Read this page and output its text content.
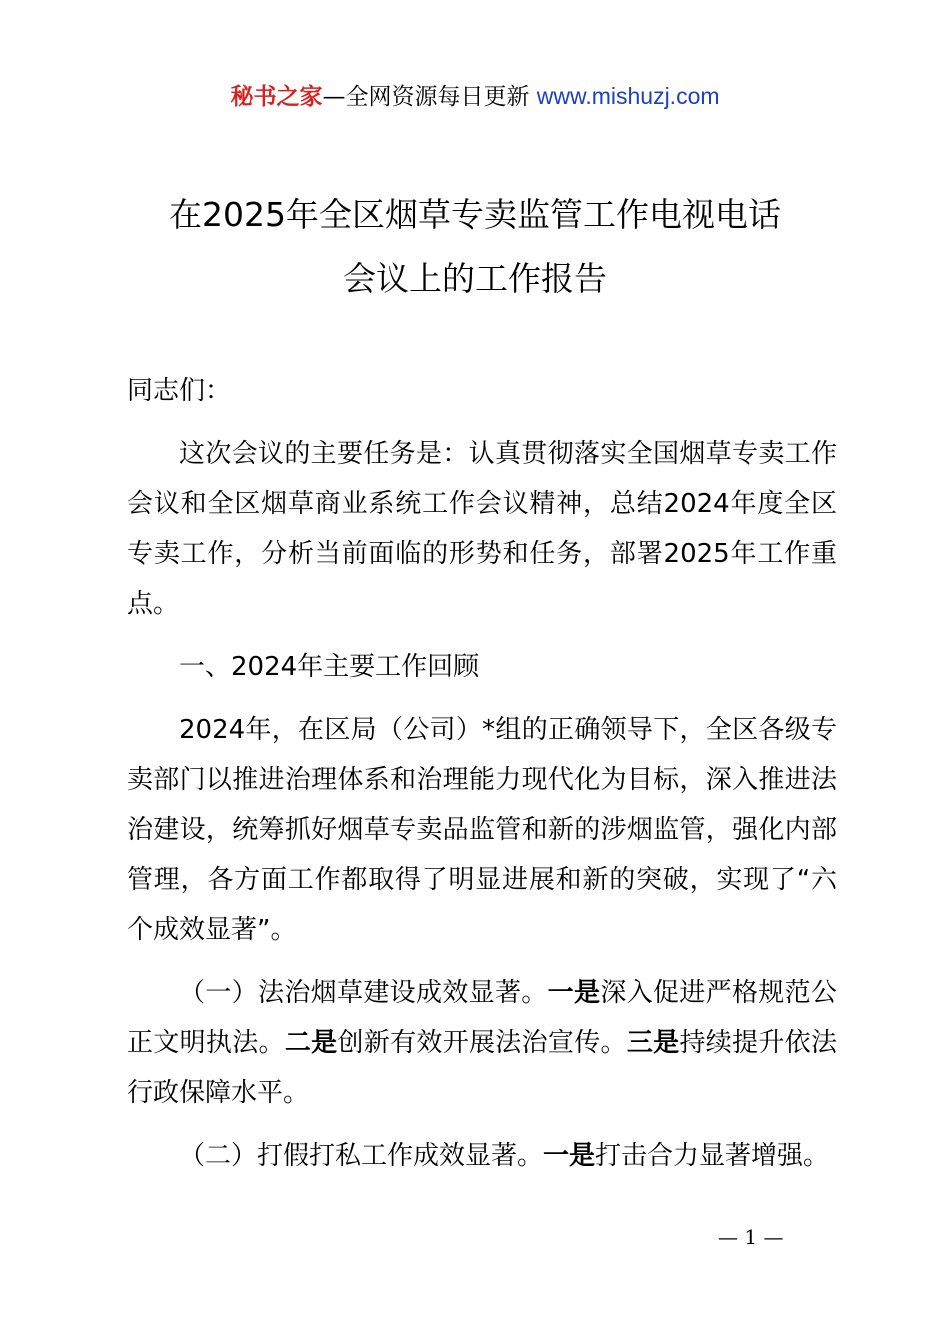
秘书之家—全网资源每日更新 www.mishuzj.com
在2025年全区烟草专卖监管工作电视电话
会议上的工作报告

同志们：

这次会议的主要任务是：认真贯彻落实全国烟草专卖工作会议和全区烟草商业系统工作会议精神，总结2024年度全区专卖工作，分析当前面临的形势和任务，部署2025年工作重点。

一、2024年主要工作回顾

2024年，在区局（公司）*组的正确领导下，全区各级专卖部门以推进治理体系和治理能力现代化为目标，深入推进法治建设，统筹抓好烟草专卖品监管和新的涉烟监管，强化内部管理，各方面工作都取得了明显进展和新的突破，实现了“六个成效显著”。

（一）法治烟草建设成效显著。一是深入促进严格规范公正文明执法。二是创新有效开展法治宣传。三是持续提升依法行政保障水平。

（二）打假打私工作成效显著。一是打击合力显著增强。

— 1 —
